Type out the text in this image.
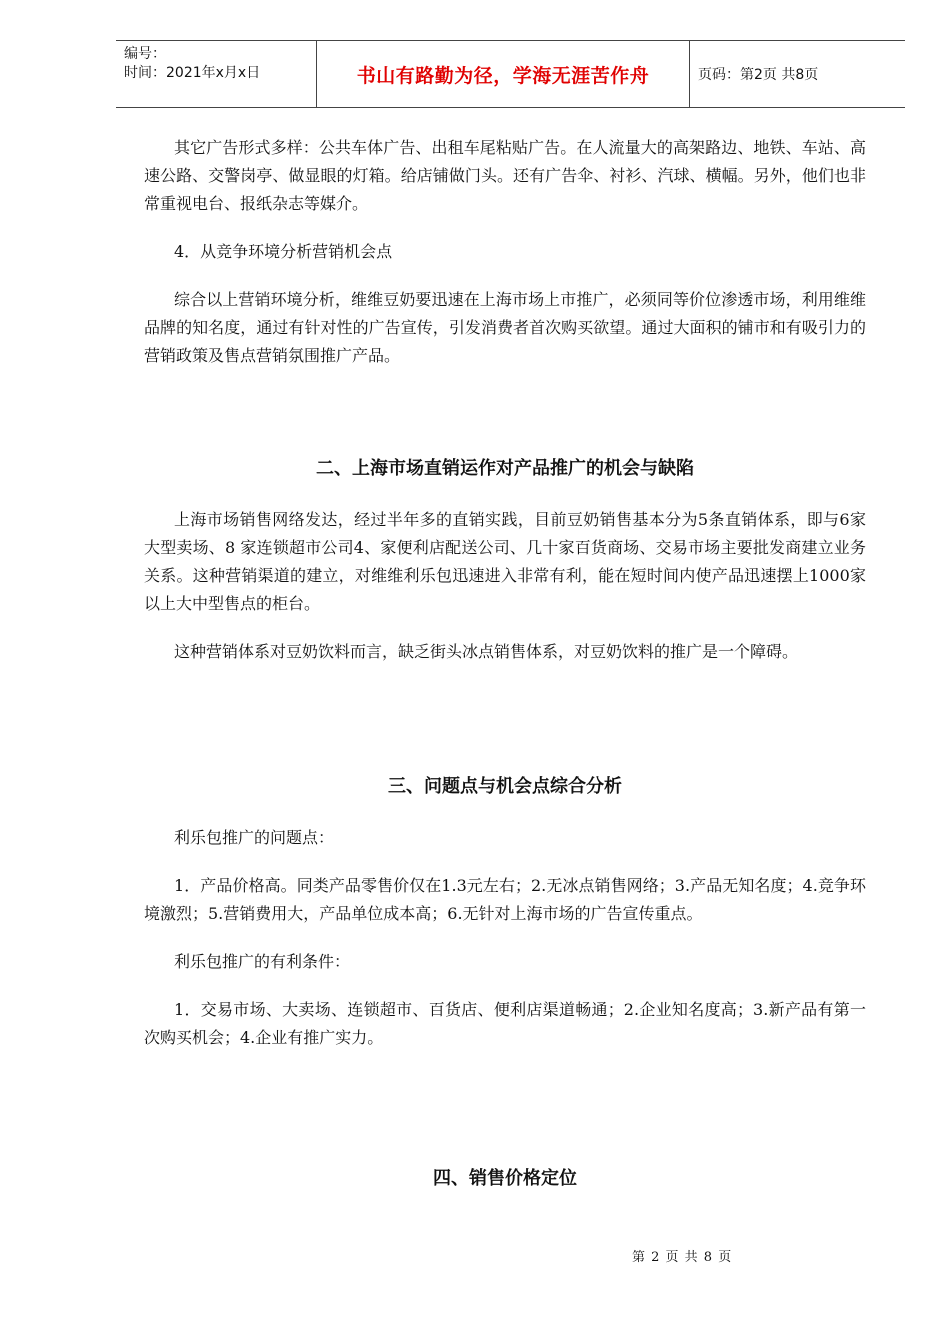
编号：
时间：2021年x月x日	书山有路勤为径，学海无涯苦作舟	页码：第2页 共8页

其它广告形式多样：公共车体广告、出租车尾粘贴广告。在人流量大的高架路边、地铁、车站、高速公路、交警岗亭、做显眼的灯箱。给店铺做门头。还有广告伞、衬衫、汽球、横幅。另外，他们也非常重视电台、报纸杂志等媒介。

4．从竞争环境分析营销机会点

综合以上营销环境分析，维维豆奶要迅速在上海市场上市推广，必须同等价位渗透市场，利用维维品牌的知名度，通过有针对性的广告宣传，引发消费者首次购买欲望。通过大面积的铺市和有吸引力的营销政策及售点营销氛围推广产品。

二、上海市场直销运作对产品推广的机会与缺陷

上海市场销售网络发达，经过半年多的直销实践，目前豆奶销售基本分为5条直销体系，即与6家大型卖场、8 家连锁超市公司4、家便利店配送公司、几十家百货商场、交易市场主要批发商建立业务关系。这种营销渠道的建立，对维维利乐包迅速进入非常有利，能在短时间内使产品迅速摆上1000家以上大中型售点的柜台。

这种营销体系对豆奶饮料而言，缺乏街头冰点销售体系，对豆奶饮料的推广是一个障碍。

三、问题点与机会点综合分析

利乐包推广的问题点：

1．产品价格高。同类产品零售价仅在1.3元左右；2.无冰点销售网络；3.产品无知名度；4.竞争环境激烈；5.营销费用大，产品单位成本高；6.无针对上海市场的广告宣传重点。

利乐包推广的有利条件：

1．交易市场、大卖场、连锁超市、百货店、便利店渠道畅通；2.企业知名度高；3.新产品有第一次购买机会；4.企业有推广实力。

四、销售价格定位
第 2 页 共 8 页
